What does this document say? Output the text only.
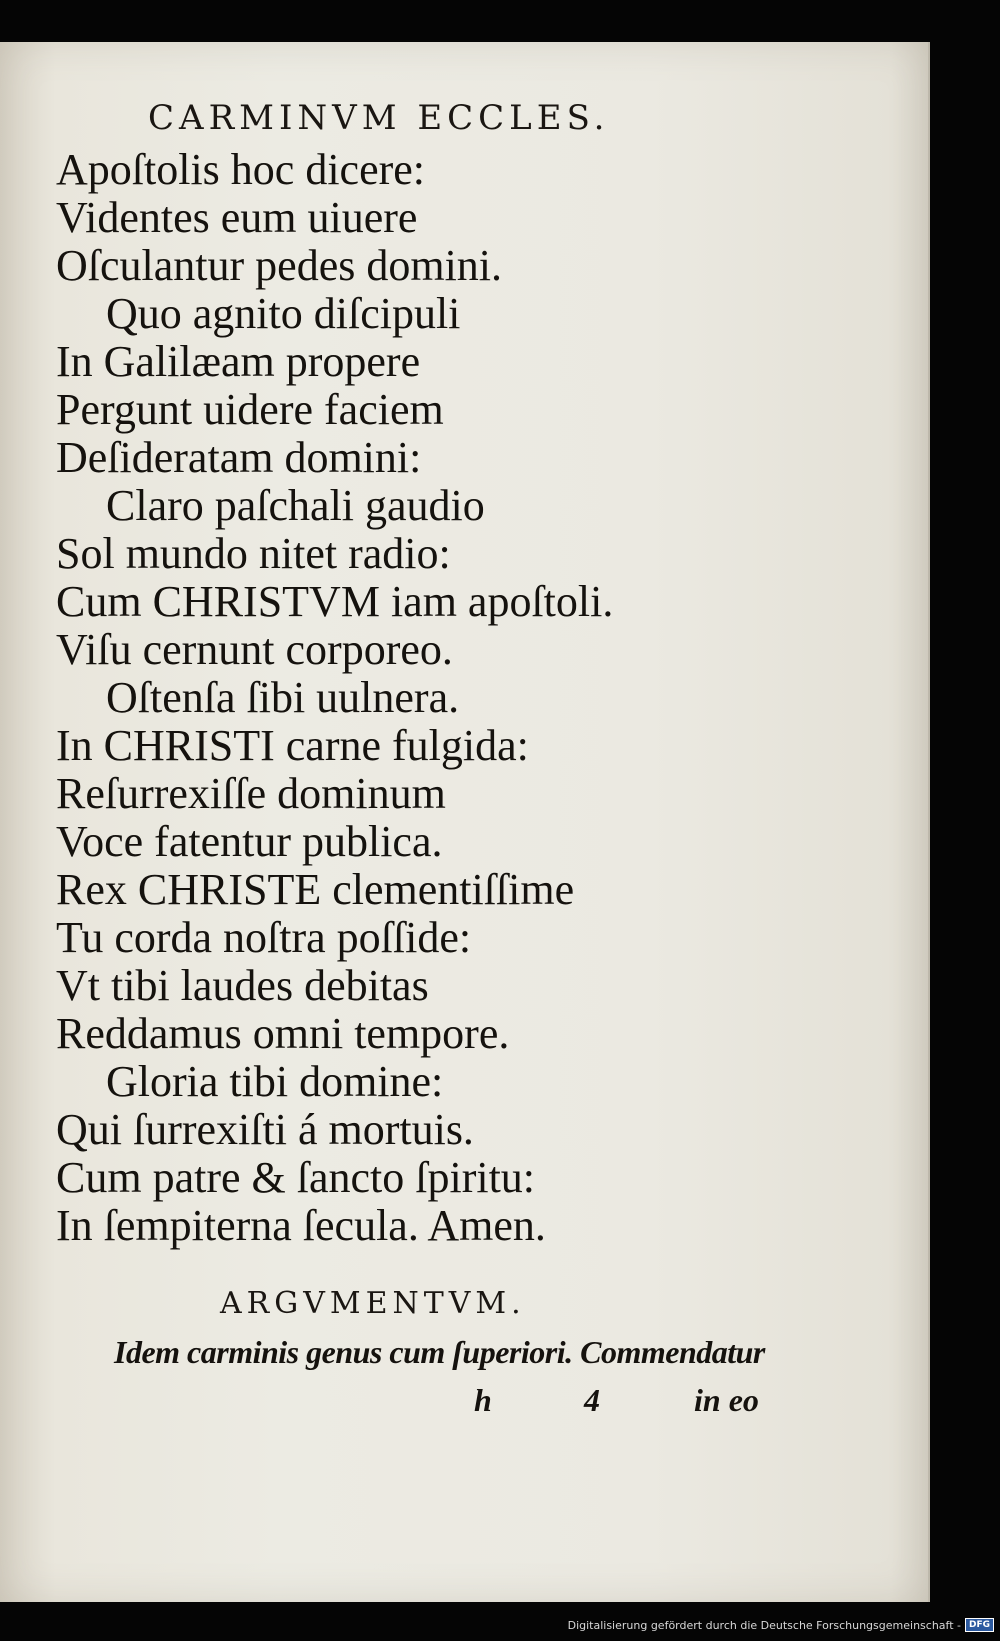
CARMINVM ECCLES.
Apoſtolis hoc dicere:
Videntes eum uiuere
Oſculantur pedes domini.
Quo agnito diſcipuli
In Galilæam propere
Pergunt uidere faciem
Deſideratam domini:
Claro paſchali gaudio
Sol mundo nitet radio:
Cum CHRISTVM iam apoſtoli.
Viſu cernunt corporeo.
Oſtenſa ſibi uulnera.
In CHRISTI carne fulgida:
Reſurrexiſſe dominum
Voce fatentur publica.
Rex CHRISTE clementiſſime
Tu corda noſtra poſſide:
Vt tibi laudes debitas
Reddamus omni tempore.
Gloria tibi domine:
Qui ſurrexiſti á mortuis.
Cum patre & ſancto ſpiritu:
In ſempiterna ſecula. Amen.
ARGVMENTVM.
Idem carminis genus cum ſuperiori. Commendatur
h	4	in eo
Digitalisierung gefördert durch die Deutsche Forschungsgemeinschaft - DFG
